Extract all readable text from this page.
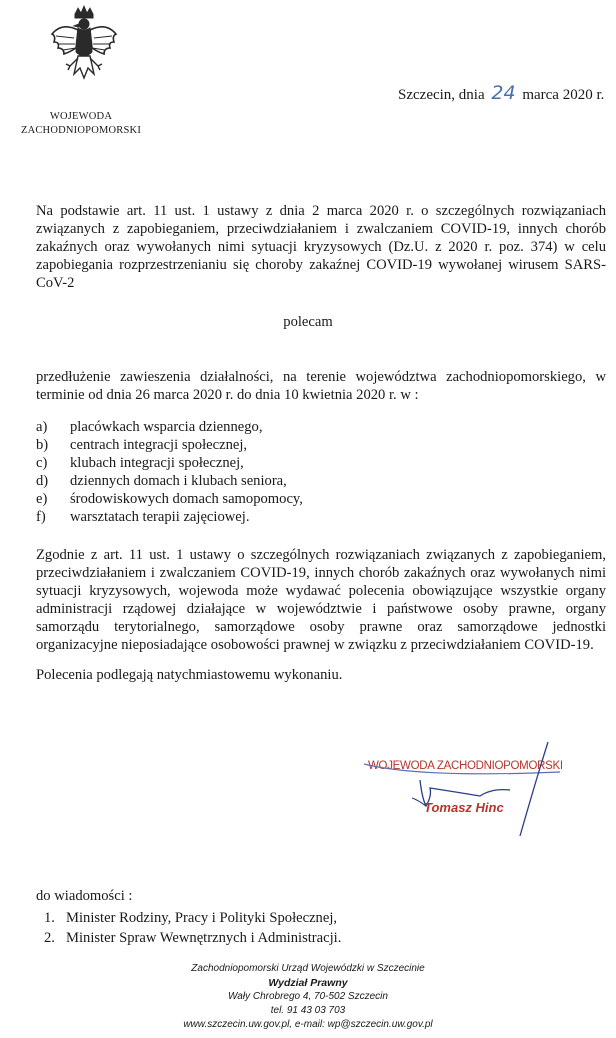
WOJEWODA
ZACHODNIOPOMORSKI
Szczecin, dnia 24 marca 2020 r.
Na podstawie art. 11 ust. 1 ustawy z dnia 2 marca 2020 r. o szczególnych rozwiązaniach związanych z zapobieganiem, przeciwdziałaniem i zwalczaniem COVID-19, innych chorób zakaźnych oraz wywołanych nimi sytuacji kryzysowych (Dz.U. z 2020 r. poz. 374) w celu zapobiegania rozprzestrzenianiu się choroby zakaźnej COVID-19 wywołanej wirusem SARS-CoV-2
polecam
przedłużenie zawieszenia działalności, na terenie województwa zachodniopomorskiego, w terminie od dnia 26 marca 2020 r. do dnia 10 kwietnia 2020 r. w :
a)	placówkach wsparcia dziennego,
b)	centrach integracji społecznej,
c)	klubach integracji społecznej,
d)	dziennych domach i klubach seniora,
e)	środowiskowych domach samopomocy,
f)	warsztatach terapii zajęciowej.
Zgodnie z art. 11 ust. 1 ustawy o szczególnych rozwiązaniach związanych z zapobieganiem, przeciwdziałaniem i zwalczaniem COVID-19, innych chorób zakaźnych oraz wywołanych nimi sytuacji kryzysowych, wojewoda może wydawać polecenia obowiązujące wszystkie organy administracji rządowej działające w województwie i państwowe osoby prawne, organy samorządu terytorialnego, samorządowe osoby prawne oraz samorządowe jednostki organizacyjne nieposiadające osobowości prawnej w związku z przeciwdziałaniem COVID-19.
Polecenia podlegają natychmiastowemu wykonaniu.
WOJEWODA ZACHODNIOPOMORSKI
Tomasz Hinc
do wiadomości :
1. Minister Rodziny, Pracy i Polityki Społecznej,
2. Minister Spraw Wewnętrznych i Administracji.
Zachodniopomorski Urząd Wojewódzki w Szczecinie
Wydział Prawny
Wały Chrobrego 4, 70-502 Szczecin
tel. 91 43 03 703
www.szczecin.uw.gov.pl, e-mail: wp@szczecin.uw.gov.pl
